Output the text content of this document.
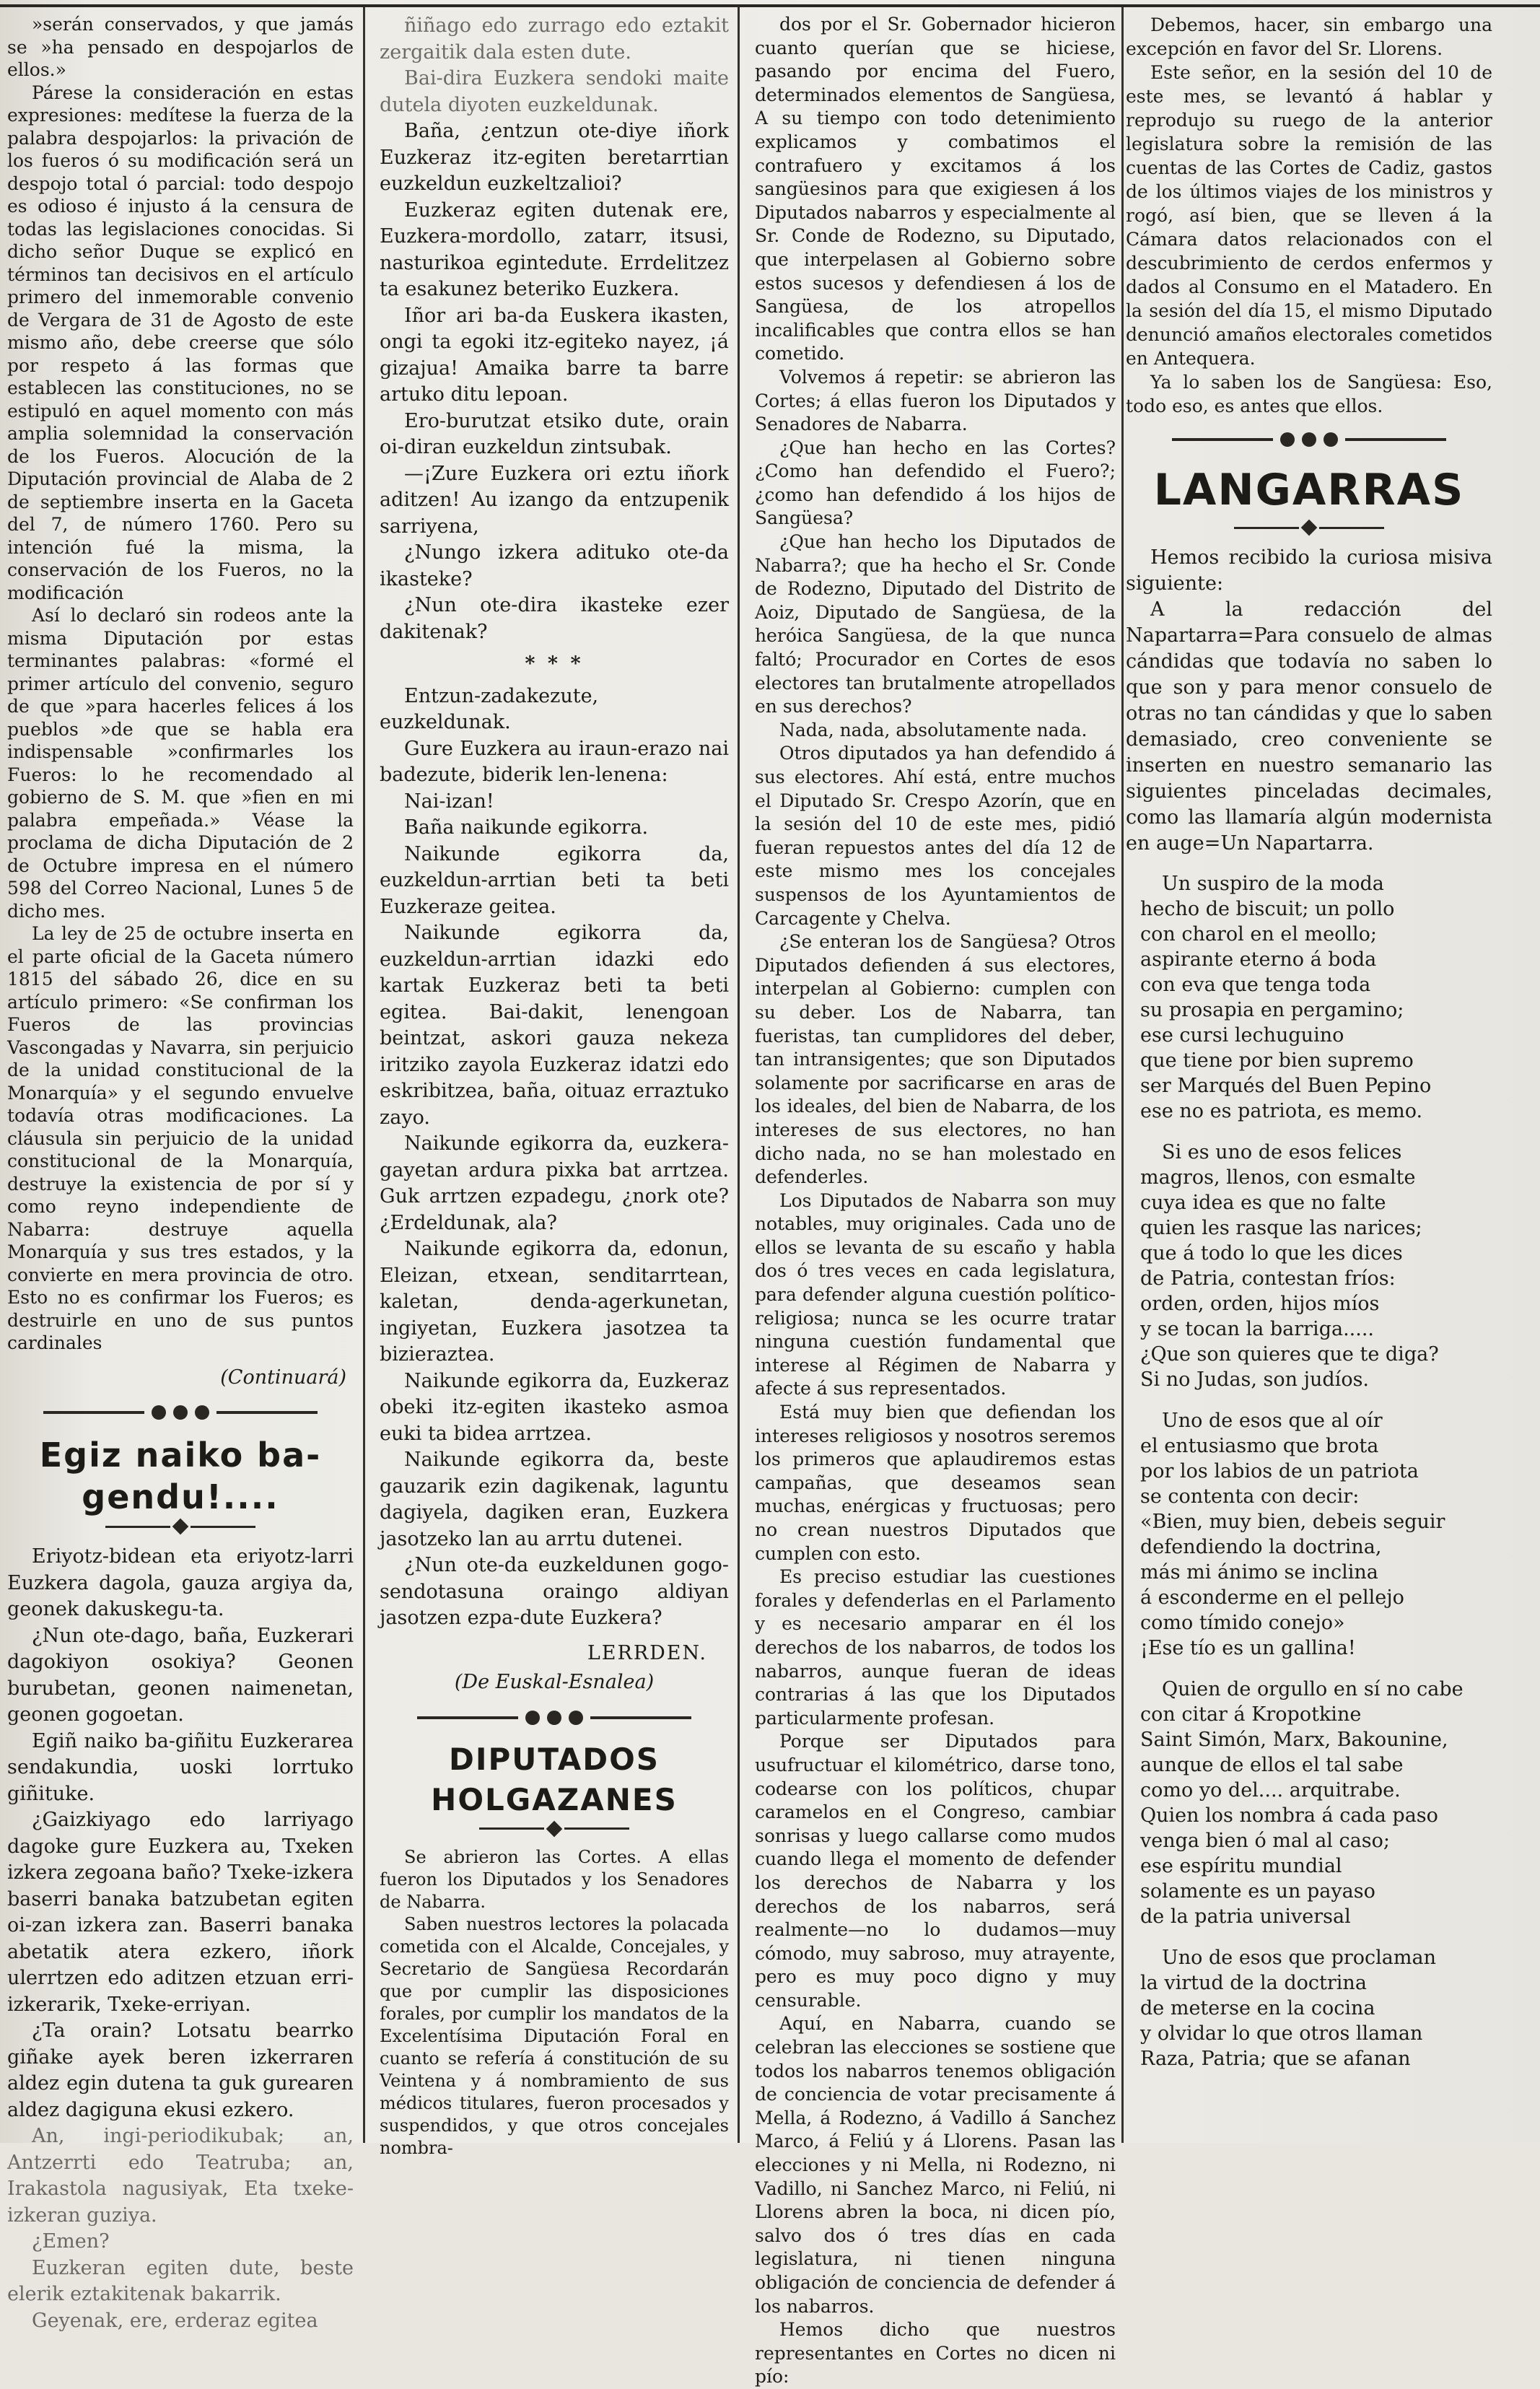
»serán conservados, y que jamás se »ha pensado en despojarlos de ellos.»

Párese la consideración en estas expresiones: medítese la fuerza de la palabra despojarlos: la privación de los fueros ó su modificación será un despojo total ó parcial: todo despojo es odioso é injusto á la censura de todas las legislaciones conocidas. Si dicho señor Duque se explicó en términos tan decisivos en el artículo primero del inmemorable convenio de Vergara de 31 de Agosto de este mismo año, debe creerse que sólo por respeto á las formas que establecen las constituciones, no se estipuló en aquel momento con más amplia solemnidad la conservación de los Fueros. Alocución de la Diputación provincial de Alaba de 2 de septiembre inserta en la Gaceta del 7, de número 1760. Pero su intención fué la misma, la conservación de los Fueros, no la modificación

Así lo declaró sin rodeos ante la misma Diputación por estas terminantes palabras: «formé el primer artículo del convenio, seguro de que »para hacerles felices á los pueblos »de que se habla era indispensable »confirmarles los Fueros: lo he recomendado al gobierno de S. M. que »fien en mi palabra empeñada.» Véase la proclama de dicha Diputación de 2 de Octubre impresa en el número 598 del Correo Nacional, Lunes 5 de dicho mes.

La ley de 25 de octubre inserta en el parte oficial de la Gaceta número 1815 del sábado 26, dice en su artículo primero: «Se confirman los Fueros de las provincias Vascongadas y Navarra, sin perjuicio de la unidad constitucional de la Monarquía» y el segundo envuelve todavía otras modificaciones. La cláusula sin perjuicio de la unidad constitucional de la Monarquía, destruye la existencia de por sí y como reyno independiente de Nabarra: destruye aquella Monarquía y sus tres estados, y la convierte en mera provincia de otro. Esto no es confirmar los Fueros; es destruirle en uno de sus puntos cardinales

(Continuará)
Egiz naiko ba-gendu!....

Eriyotz-bidean eta eriyotz-larri Euzkera dagola, gauza argiya da, geonek dakuskegu-ta.

¿Nun ote-dago, baña, Euzkerari dagokiyon osokiya? Geonen burubetan, geonen naimenetan, geonen gogoetan.

Egiñ naiko ba-giñitu Euzkerarea sendakundia, uoski lorrtuko giñituke.

¿Gaizkiyago edo larriyago dagoke gure Euzkera au, Txeken izkera zegoana baño? Txeke-izkera baserri banaka batzubetan egiten oi-zan izkera zan. Baserri banaka abetatik atera ezkero, iñork ulerrtzen edo aditzen etzuan erri-izkerarik, Txeke-erriyan.

¿Ta orain? Lotsatu bearrko giñake ayek beren izkerraren aldez egin dutena ta guk gurearen aldez dagiguna ekusi ezkero.

An, ingi-periodikubak; an, Antzerrti edo Teatruba; an, Irakastola nagusiyak, Eta txeke-izkeran guziya.

¿Emen?

Euzkeran egiten dute, beste elerik eztakitenak bakarrik.

Geyenak, ere, erderaz egitea

ñiñago edo zurrago edo eztakit zergaitik dala esten dute.

Bai-dira Euzkera sendoki maite dutela diyoten euzkeldunak.

Baña, ¿entzun ote-diye iñork Euzkeraz itz-egiten beretarrtian euzkeldun euzkeltzalioi?

Euzkeraz egiten dutenak ere, Euzkera-mordollo, zatarr, itsusi, nasturikoa egintedute. Errdelitzez ta esakunez beteriko Euzkera.

Iñor ari ba-da Euskera ikasten, ongi ta egoki itz-egiteko nayez, ¡á gizajua! Amaika barre ta barre artuko ditu lepoan.

Ero-burutzat etsiko dute, orain oi-diran euzkeldun zintsubak.

—¡Zure Euzkera ori eztu iñork aditzen! Au izango da entzupenik sarriyena,

¿Nungo izkera adituko ote-da ikasteke?

¿Nun ote-dira ikasteke ezer dakitenak?

* * *

Entzun-zadakezute, euzkeldunak.

Gure Euzkera au iraun-erazo nai badezute, biderik len-lenena:

Nai-izan!

Baña naikunde egikorra.

Naikunde egikorra da, euzkeldun-arrtian beti ta beti Euzkeraze geitea.

Naikunde egikorra da, euzkeldun-arrtian idazki edo kartak Euzkeraz beti ta beti egitea. Bai-dakit, lenengoan beintzat, askori gauza nekeza iritziko zayola Euzkeraz idatzi edo eskribitzea, baña, oituaz erraztuko zayo.

Naikunde egikorra da, euzkera-gayetan ardura pixka bat arrtzea. Guk arrtzen ezpadegu, ¿nork ote? ¿Erdeldunak, ala?

Naikunde egikorra da, edonun, Eleizan, etxean, senditarrtean, kaletan, denda-agerkunetan, ingiyetan, Euzkera jasotzea ta bizieraztea.

Naikunde egikorra da, Euzkeraz obeki itz-egiten ikasteko asmoa euki ta bidea arrtzea.

Naikunde egikorra da, beste gauzarik ezin dagikenak, laguntu dagiyela, dagiken eran, Euzkera jasotzeko lan au arrtu dutenei.

¿Nun ote-da euzkeldunen gogo-sendotasuna oraingo aldiyan jasotzen ezpa-dute Euzkera?

LERRDEN.
(De Euskal-Esnalea)
DIPUTADOS HOLGAZANES

Se abrieron las Cortes. A ellas fueron los Diputados y los Senadores de Nabarra.

Saben nuestros lectores la polacada cometida con el Alcalde, Concejales, y Secretario de Sangüesa Recordarán que por cumplir las disposiciones forales, por cumplir los mandatos de la Excelentísima Diputación Foral en cuanto se refería á constitución de su Veintena y á nombramiento de sus médicos titulares, fueron procesados y suspendidos, y que otros concejales nombra-

dos por el Sr. Gobernador hicieron cuanto querían que se hiciese, pasando por encima del Fuero, determinados elementos de Sangüesa, A su tiempo con todo detenimiento explicamos y combatimos el contrafuero y excitamos á los sangüesinos para que exigiesen á los Diputados nabarros y especialmente al Sr. Conde de Rodezno, su Diputado, que interpelasen al Gobierno sobre estos sucesos y defendiesen á los de Sangüesa, de los atropellos incalificables que contra ellos se han cometido.

Volvemos á repetir: se abrieron las Cortes; á ellas fueron los Diputados y Senadores de Nabarra.

¿Que han hecho en las Cortes? ¿Como han defendido el Fuero?; ¿como han defendido á los hijos de Sangüesa?

¿Que han hecho los Diputados de Nabarra?; que ha hecho el Sr. Conde de Rodezno, Diputado del Distrito de Aoiz, Diputado de Sangüesa, de la heróica Sangüesa, de la que nunca faltó; Procurador en Cortes de esos electores tan brutalmente atropellados en sus derechos?

Nada, nada, absolutamente nada.

Otros diputados ya han defendido á sus electores. Ahí está, entre muchos el Diputado Sr. Crespo Azorín, que en la sesión del 10 de este mes, pidió fueran repuestos antes del día 12 de este mismo mes los concejales suspensos de los Ayuntamientos de Carcagente y Chelva.

¿Se enteran los de Sangüesa? Otros Diputados defienden á sus electores, interpelan al Gobierno: cumplen con su deber. Los de Nabarra, tan fueristas, tan cumplidores del deber, tan intransigentes; que son Diputados solamente por sacrificarse en aras de los ideales, del bien de Nabarra, de los intereses de sus electores, no han dicho nada, no se han molestado en defenderles.

Los Diputados de Nabarra son muy notables, muy originales. Cada uno de ellos se levanta de su escaño y habla dos ó tres veces en cada legislatura, para defender alguna cuestión político-religiosa; nunca se les ocurre tratar ninguna cuestión fundamental que interese al Régimen de Nabarra y afecte á sus representados.

Está muy bien que defiendan los intereses religiosos y nosotros seremos los primeros que aplaudiremos estas campañas, que deseamos sean muchas, enérgicas y fructuosas; pero no crean nuestros Diputados que cumplen con esto.

Es preciso estudiar las cuestiones forales y defenderlas en el Parlamento y es necesario amparar en él los derechos de los nabarros, de todos los nabarros, aunque fueran de ideas contrarias á las que los Diputados particularmente profesan.

Porque ser Diputados para usufructuar el kilométrico, darse tono, codearse con los políticos, chupar caramelos en el Congreso, cambiar sonrisas y luego callarse como mudos cuando llega el momento de defender los derechos de Nabarra y los derechos de los nabarros, será realmente—no lo dudamos—muy cómodo, muy sabroso, muy atrayente, pero es muy poco digno y muy censurable.

Aquí, en Nabarra, cuando se celebran las elecciones se sostiene que todos los nabarros tenemos obligación de conciencia de votar precisamente á Mella, á Rodezno, á Vadillo á Sanchez Marco, á Feliú y á Llorens. Pasan las elecciones y ni Mella, ni Rodezno, ni Vadillo, ni Sanchez Marco, ni Feliú, ni Llorens abren la boca, ni dicen pío, salvo dos ó tres días en cada legislatura, ni tienen ninguna obligación de conciencia de defender á los nabarros.

Hemos dicho que nuestros representantes en Cortes no dicen ni pío:

Debemos, hacer, sin embargo una excepción en favor del Sr. Llorens.

Este señor, en la sesión del 10 de este mes, se levantó á hablar y reprodujo su ruego de la anterior legislatura sobre la remisión de las cuentas de las Cortes de Cadiz, gastos de los últimos viajes de los ministros y rogó, así bien, que se lleven á la Cámara datos relacionados con el descubrimiento de cerdos enfermos y dados al Consumo en el Matadero. En la sesión del día 15, el mismo Diputado denunció amaños electorales cometidos en Antequera.

Ya lo saben los de Sangüesa: Eso, todo eso, es antes que ellos.

LANGARRAS

Hemos recibido la curiosa misiva siguiente:

A la redacción del Napartarra=Para consuelo de almas cándidas que todavía no saben lo que son y para menor consuelo de otras no tan cándidas y que lo saben demasiado, creo conveniente se inserten en nuestro semanario las siguientes pinceladas decimales, como las llamaría algún modernista en auge=Un Napartarra.

Un suspiro de la moda

hecho de biscuit; un pollo

con charol en el meollo;

aspirante eterno á boda

con eva que tenga toda

su prosapia en pergamino;

ese cursi lechuguino

que tiene por bien supremo

ser Marqués del Buen Pepino

ese no es patriota, es memo.

Si es uno de esos felices

magros, llenos, con esmalte

cuya idea es que no falte

quien les rasque las narices;

que á todo lo que les dices

de Patria, contestan fríos:

orden, orden, hijos míos

y se tocan la barriga.....

¿Que son quieres que te diga?

Si no Judas, son judíos.

Uno de esos que al oír

el entusiasmo que brota

por los labios de un patriota

se contenta con decir:

«Bien, muy bien, debeis seguir

defendiendo la doctrina,

más mi ánimo se inclina

á esconderme en el pellejo

como tímido conejo»

¡Ese tío es un gallina!

Quien de orgullo en sí no cabe

con citar á Kropotkine

Saint Simón, Marx, Bakounine,

aunque de ellos el tal sabe

como yo del.... arquitrabe.

Quien los nombra á cada paso

venga bien ó mal al caso;

ese espíritu mundial

solamente es un payaso

de la patria universal

Uno de esos que proclaman

la virtud de la doctrina

de meterse en la cocina

y olvidar lo que otros llaman

Raza, Patria; que se afanan
